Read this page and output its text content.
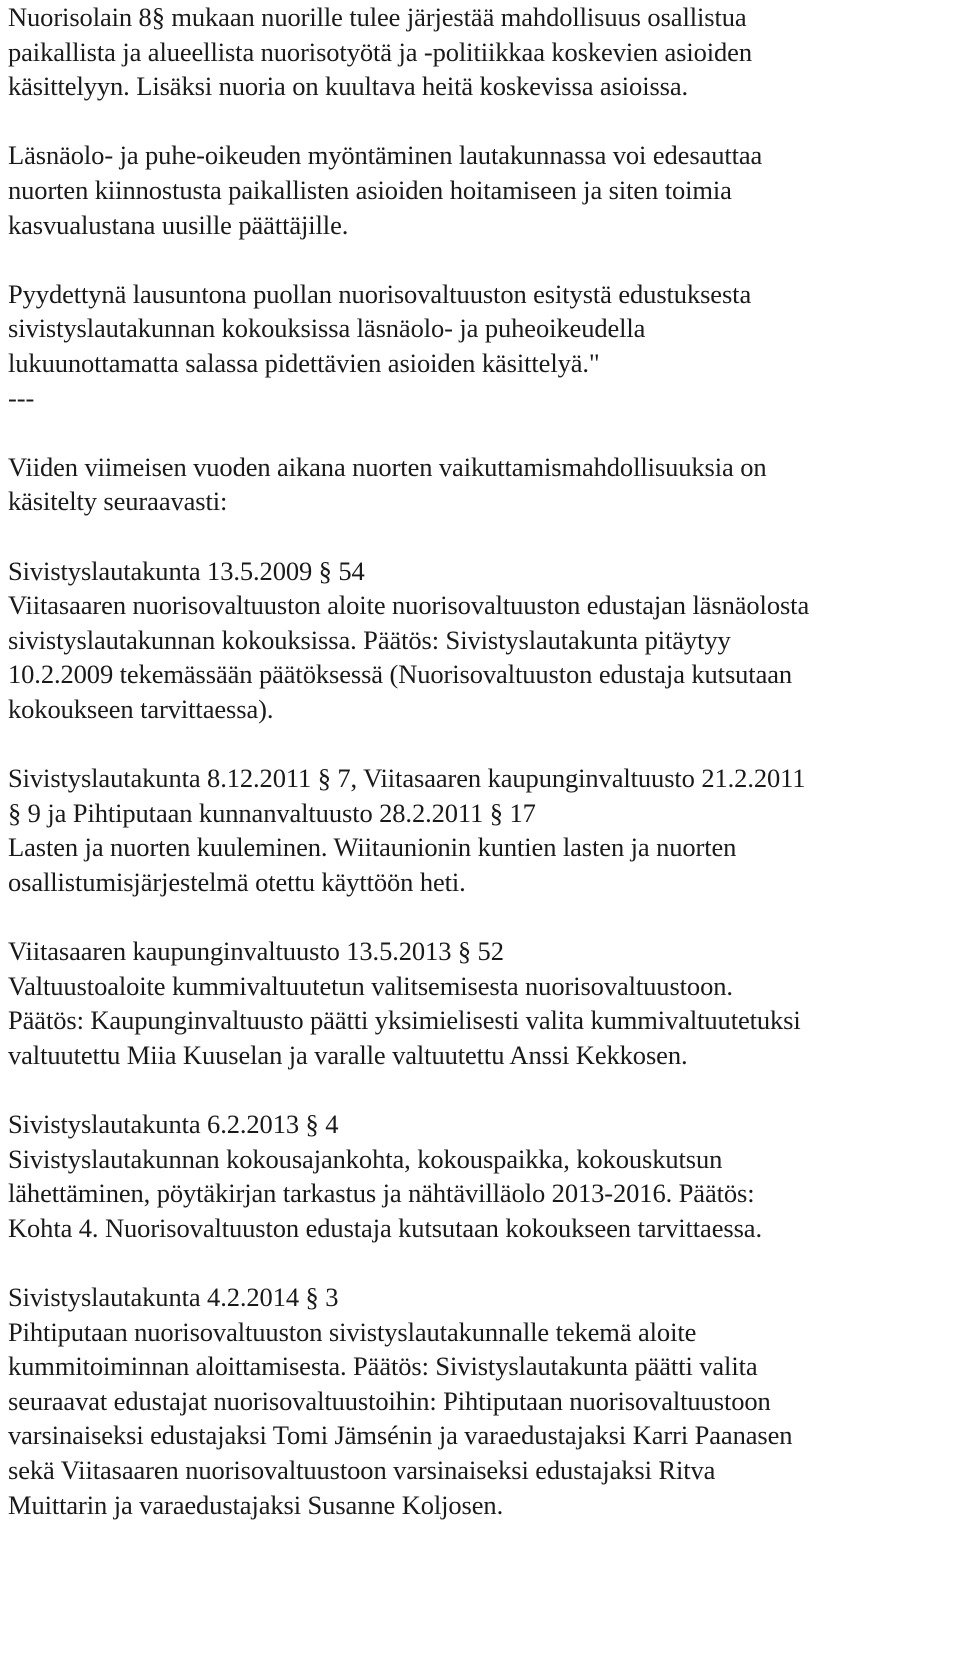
Nuorisolain 8§ mukaan nuorille tulee järjestää mahdollisuus osallistua
paikallista ja alueellista nuorisotyötä ja -politiikkaa koskevien asioiden
käsittelyyn. Lisäksi nuoria on kuultava heitä koskevissa asioissa.
Läsnäolo- ja puhe-oikeuden myöntäminen lautakunnassa voi edesauttaa
nuorten kiinnostusta paikallisten asioiden hoitamiseen ja siten toimia
kasvualustana uusille päättäjille.
Pyydettynä lausuntona puollan nuorisovaltuuston esitystä edustuksesta
sivistyslautakunnan kokouksissa läsnäolo- ja puheoikeudella
lukuunottamatta salassa pidettävien asioiden käsittelyä."
---
Viiden viimeisen vuoden aikana nuorten vaikuttamismahdollisuuksia on
käsitelty seuraavasti:
Sivistyslautakunta 13.5.2009 § 54
Viitasaaren nuorisovaltuuston aloite nuorisovaltuuston edustajan läsnäolosta
sivistyslautakunnan kokouksissa. Päätös: Sivistyslautakunta pitäytyy
10.2.2009 tekemässään päätöksessä (Nuorisovaltuuston edustaja kutsutaan
kokoukseen tarvittaessa).
Sivistyslautakunta 8.12.2011 § 7, Viitasaaren kaupunginvaltuusto 21.2.2011
§ 9 ja Pihtiputaan kunnanvaltuusto 28.2.2011 § 17
Lasten ja nuorten kuuleminen. Wiitaunionin kuntien lasten ja nuorten
osallistumisjärjestelmä otettu käyttöön heti.
Viitasaaren kaupunginvaltuusto 13.5.2013 § 52
Valtuustoaloite kummivaltuutetun valitsemisesta nuorisovaltuustoon.
Päätös: Kaupunginvaltuusto päätti yksimielisesti valita kummivaltuutetuksi
valtuutettu Miia Kuuselan ja varalle valtuutettu Anssi Kekkosen.
Sivistyslautakunta 6.2.2013 § 4
Sivistyslautakunnan kokousajankohta, kokouspaikka, kokouskutsun
lähettäminen, pöytäkirjan tarkastus ja nähtävilläolo 2013-2016. Päätös:
Kohta 4. Nuorisovaltuuston edustaja kutsutaan kokoukseen tarvittaessa.
Sivistyslautakunta 4.2.2014 § 3
Pihtiputaan nuorisovaltuuston sivistyslautakunnalle tekemä aloite
kummitoiminnan aloittamisesta. Päätös: Sivistyslautakunta päätti valita
seuraavat edustajat nuorisovaltuustoihin: Pihtiputaan nuorisovaltuustoon
varsinaiseksi edustajaksi Tomi Jämsénin ja varaedustajaksi Karri Paanasen
sekä Viitasaaren nuorisovaltuustoon varsinaiseksi edustajaksi Ritva
Muittarin ja varaedustajaksi Susanne Koljosen.
